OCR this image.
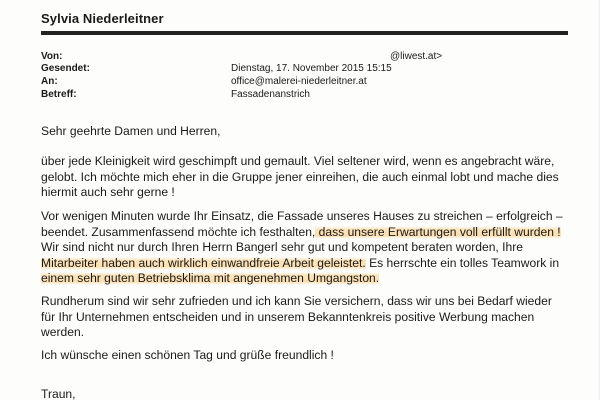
Sylvia Niederleitner
Von:	@liwest.at>
Gesendet:	Dienstag, 17. November 2015 15:15
An:	office@malerei-niederleitner.at
Betreff:	Fassadenanstrich
Sehr geehrte Damen und Herren,
über jede Kleinigkeit wird geschimpft und gemault. Viel seltener wird, wenn es angebracht wäre,
gelobt. Ich möchte mich eher in die Gruppe jener einreihen, die auch einmal lobt und mache dies
hiermit auch sehr gerne !
Vor wenigen Minuten wurde Ihr Einsatz, die Fassade unseres Hauses zu streichen – erfolgreich –
beendet. Zusammenfassend möchte ich festhalten, dass unsere Erwartungen voll erfüllt wurden !
Wir sind nicht nur durch Ihren Herrn Bangerl sehr gut und kompetent beraten worden, Ihre
Mitarbeiter haben auch wirklich einwandfreie Arbeit geleistet. Es herrschte ein tolles Teamwork in
einem sehr guten Betriebsklima mit angenehmen Umgangston.
Rundherum sind wir sehr zufrieden und ich kann Sie versichern, dass wir uns bei Bedarf wieder
für Ihr Unternehmen entscheiden und in unserem Bekanntenkreis positive Werbung machen
werden.
Ich wünsche einen schönen Tag und grüße freundlich !
Traun,
